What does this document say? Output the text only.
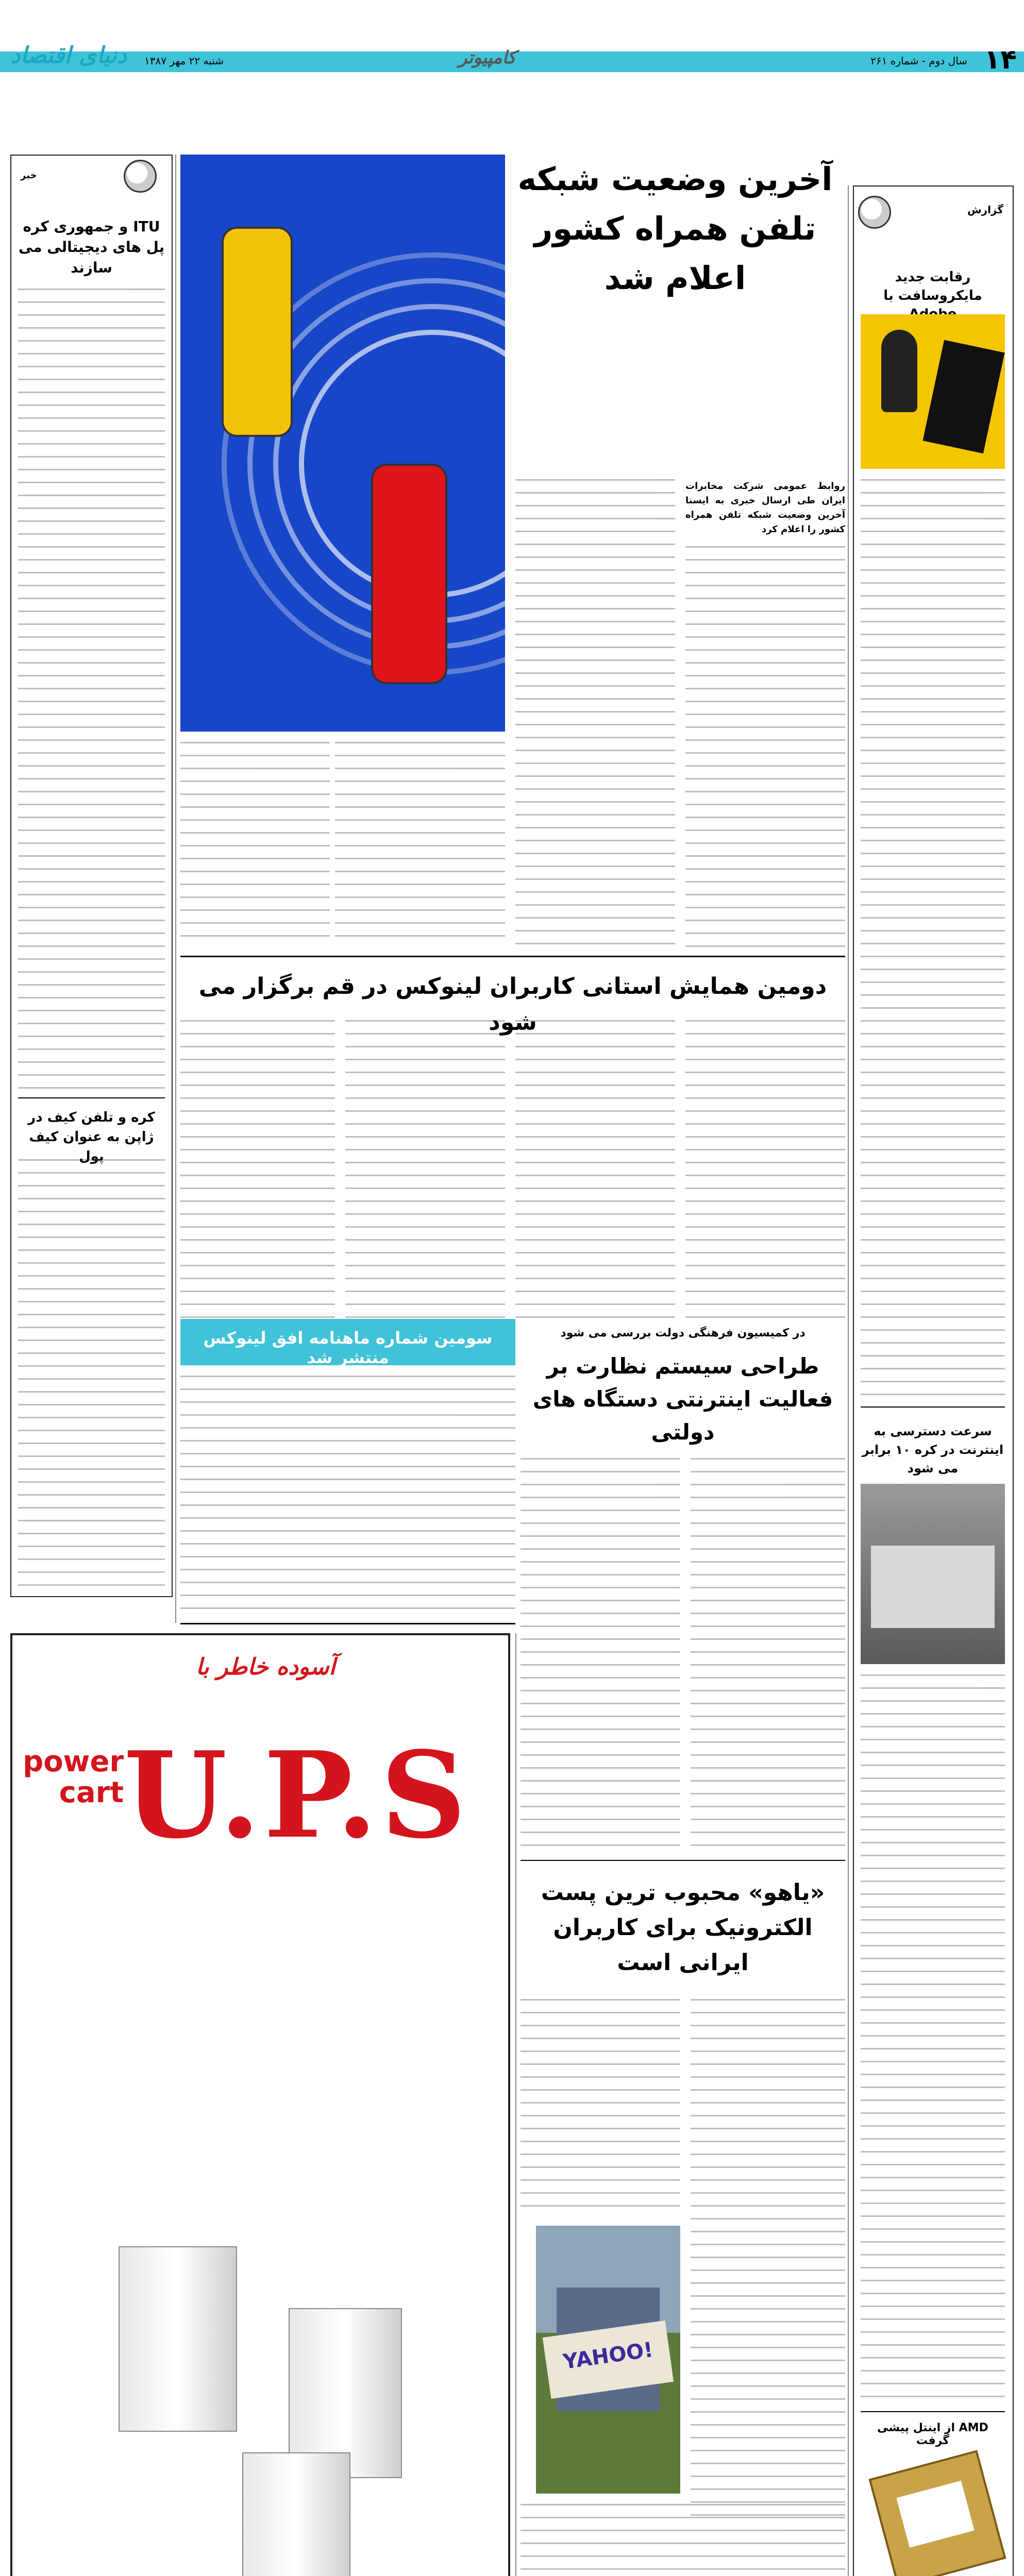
۱۴
سال دوم - شماره ۲۶۱
کامپیوتر
شنبه ۲۲ مهر ۱۳۸۷
دنیای اقتصاد
گزارش
رقابت جدید مایکروسافت با
سرعت دسترسی به اینترنت در کره ۱۰ برابر می شود
AMD از اینتل پیشی گرفت
آخرین وضعیت شبکه تلفن همراه کشور اعلام شد
روابط عمومی شرکت مخابرات ایران طی ارسال خبری به ایسنا آخرین وضعیت شبکه تلفن همراه کشور را اعلام کرد
خبر
ITU و جمهوری کره پل های دیجیتالی می سازند
کره و تلفن کیف در ژاپن به عنوان کیف پول
دومین همایش استانی کاربران لینوکس در قم برگزار می شود
سومین شماره ماهنامه افق لینوکس منتشر شد
در کمیسیون فرهنگی دولت بررسی می شود
طراحی سیستم نظارت بر فعالیت اینترنتی دستگاه های دولتی
آسوده خاطر با
power cart U.P.S
«یاهو» محبوب ترین پست الکترونیک برای کاربران ایرانی است
YAHOO!
